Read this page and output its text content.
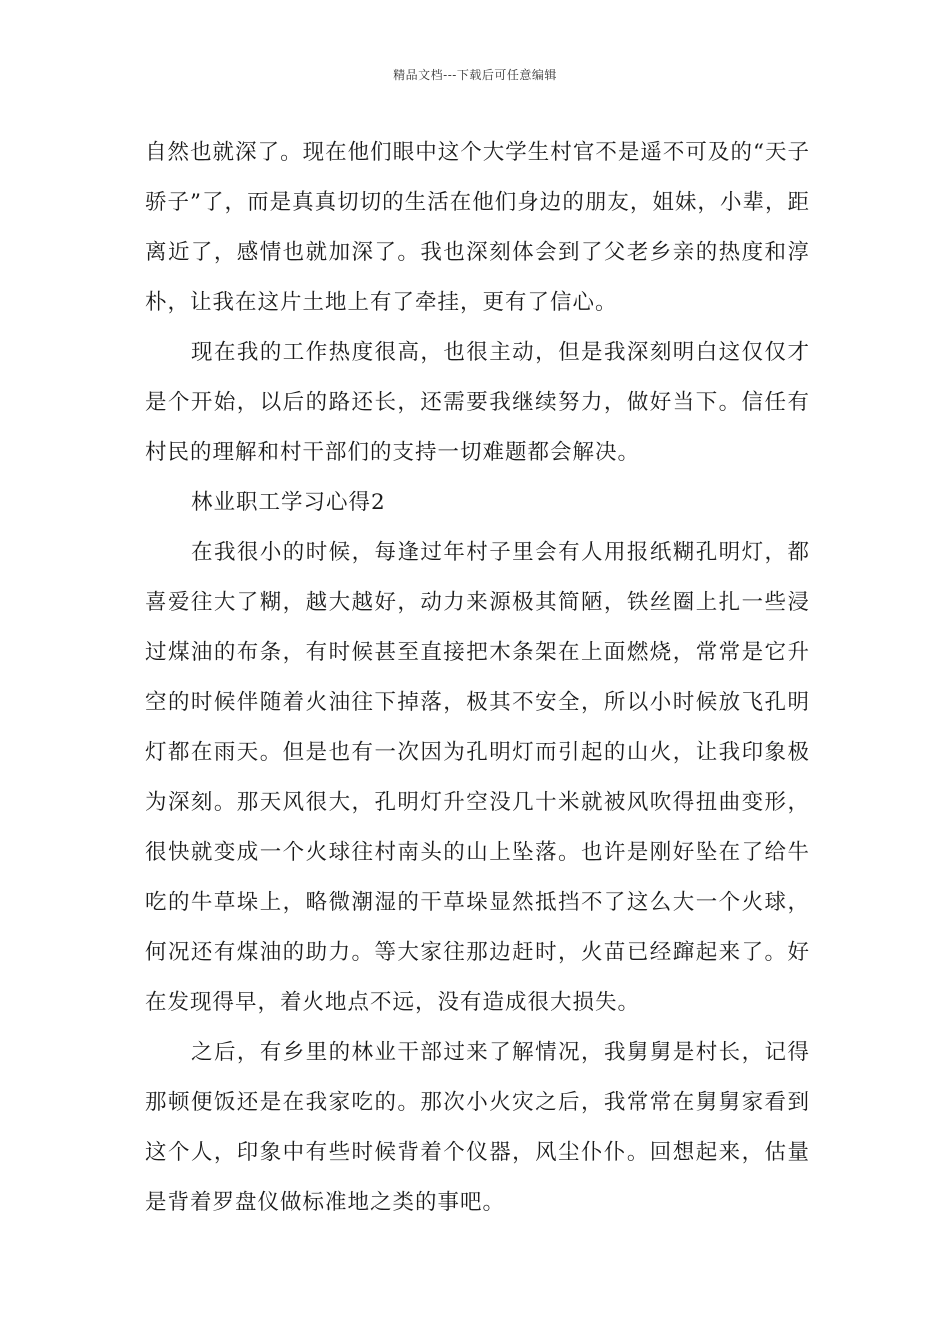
精品文档---下载后可任意编辑

自然也就深了。现在他们眼中这个大学生村官不是遥不可及的“天子骄子”了，而是真真切切的生活在他们身边的朋友，姐妹，小辈，距离近了，感情也就加深了。我也深刻体会到了父老乡亲的热度和淳朴，让我在这片土地上有了牵挂，更有了信心。

现在我的工作热度很高，也很主动，但是我深刻明白这仅仅才是个开始，以后的路还长，还需要我继续努力，做好当下。信任有村民的理解和村干部们的支持一切难题都会解决。

林业职工学习心得2

在我很小的时候，每逢过年村子里会有人用报纸糊孔明灯，都喜爱往大了糊，越大越好，动力来源极其简陋，铁丝圈上扎一些浸过煤油的布条，有时候甚至直接把木条架在上面燃烧，常常是它升空的时候伴随着火油往下掉落，极其不安全，所以小时候放飞孔明灯都在雨天。但是也有一次因为孔明灯而引起的山火，让我印象极为深刻。那天风很大，孔明灯升空没几十米就被风吹得扭曲变形，很快就变成一个火球往村南头的山上坠落。也许是刚好坠在了给牛吃的牛草垛上，略微潮湿的干草垛显然抵挡不了这么大一个火球，何况还有煤油的助力。等大家往那边赶时，火苗已经蹿起来了。好在发现得早，着火地点不远，没有造成很大损失。

之后，有乡里的林业干部过来了解情况，我舅舅是村长，记得那顿便饭还是在我家吃的。那次小火灾之后，我常常在舅舅家看到这个人，印象中有些时候背着个仪器，风尘仆仆。回想起来，估量是背着罗盘仪做标准地之类的事吧。
